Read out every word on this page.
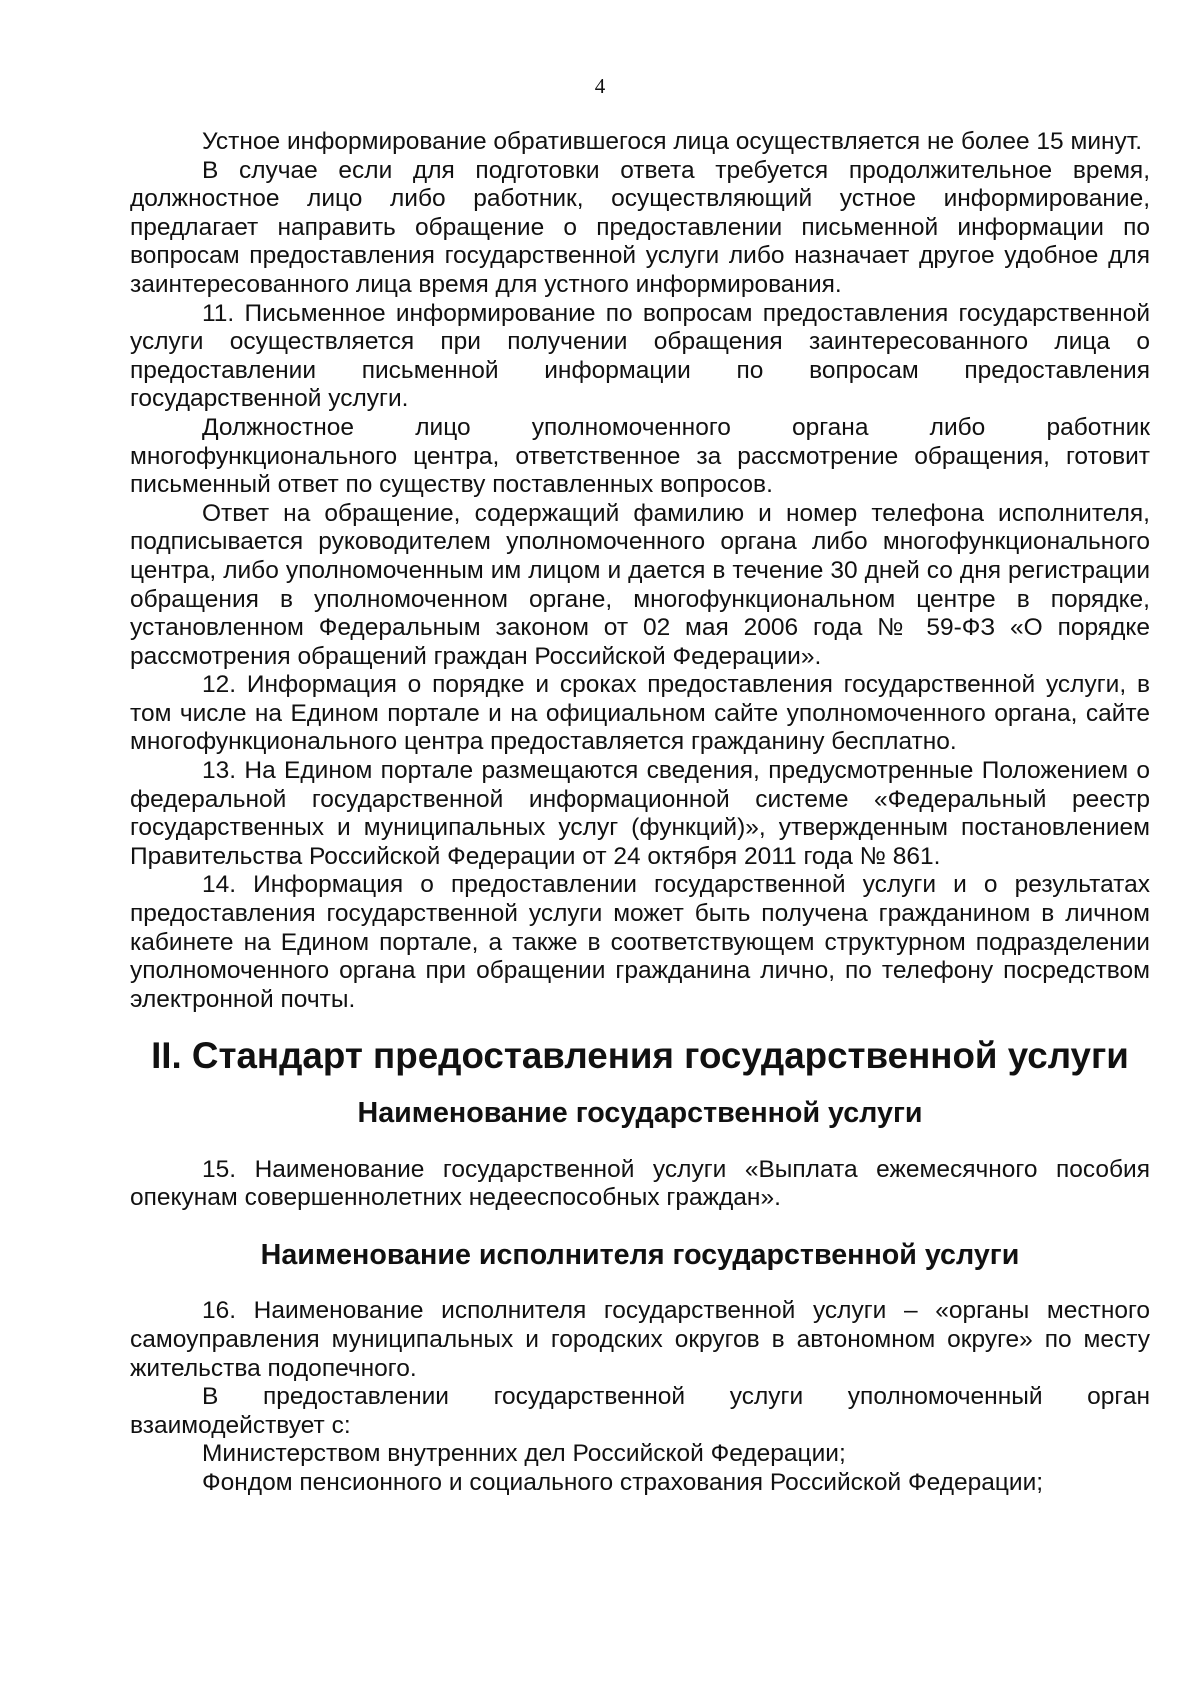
4

Устное информирование обратившегося лица осуществляется не более 15 минут.

В случае если для подготовки ответа требуется продолжительное время, должностное лицо либо работник, осуществляющий устное информирование, предлагает направить обращение о предоставлении письменной информации по вопросам предоставления государственной услуги либо назначает другое удобное для заинтересованного лица время для устного информирования.

11. Письменное информирование по вопросам предоставления государственной услуги осуществляется при получении обращения заинтересованного лица о предоставлении письменной информации по вопросам предоставления государственной услуги.

Должностное лицо уполномоченного органа либо работник многофункционального центра, ответственное за рассмотрение обращения, готовит письменный ответ по существу поставленных вопросов.

Ответ на обращение, содержащий фамилию и номер телефона исполнителя, подписывается руководителем уполномоченного органа либо многофункционального центра, либо уполномоченным им лицом и дается в течение 30 дней со дня регистрации обращения в уполномоченном органе, многофункциональном центре в порядке, установленном Федеральным законом от 02 мая 2006 года № 59-ФЗ «О порядке рассмотрения обращений граждан Российской Федерации».

12. Информация о порядке и сроках предоставления государственной услуги, в том числе на Едином портале и на официальном сайте уполномоченного органа, сайте многофункционального центра предоставляется гражданину бесплатно.

13. На Едином портале размещаются сведения, предусмотренные Положением о федеральной государственной информационной системе «Федеральный реестр государственных и муниципальных услуг (функций)», утвержденным постановлением Правительства Российской Федерации от 24 октября 2011 года № 861.

14. Информация о предоставлении государственной услуги и о результатах предоставления государственной услуги может быть получена гражданином в личном кабинете на Едином портале, а также в соответствующем структурном подразделении уполномоченного органа при обращении гражданина лично, по телефону посредством электронной почты.

II. Стандарт предоставления государственной услуги
Наименование государственной услуги

15. Наименование государственной услуги «Выплата ежемесячного пособия опекунам совершеннолетних недееспособных граждан».

Наименование исполнителя государственной услуги

16. Наименование исполнителя государственной услуги – «органы местного самоуправления муниципальных и городских округов в автономном округе» по месту жительства подопечного.

В предоставлении государственной услуги уполномоченный орган взаимодействует с:

Министерством внутренних дел Российской Федерации;

Фондом пенсионного и социального страхования Российской Федерации;
